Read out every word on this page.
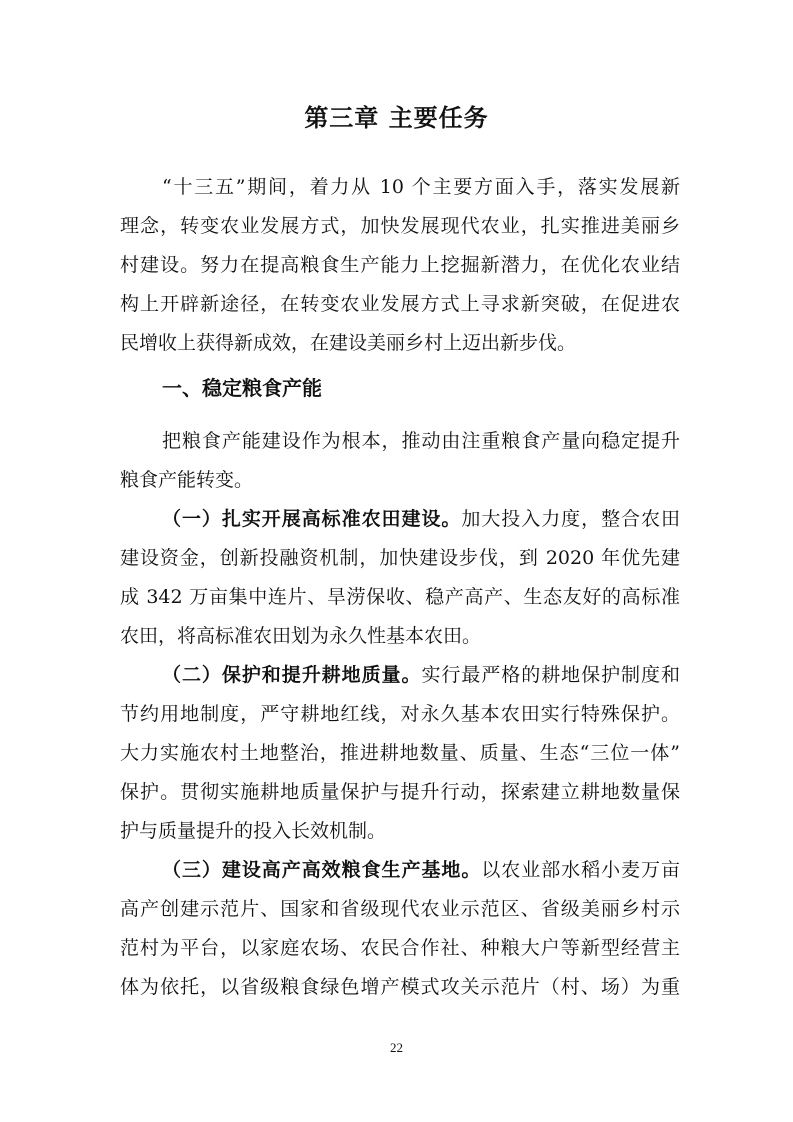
第三章 主要任务
“十三五”期间，着力从 10 个主要方面入手，落实发展新
理念，转变农业发展方式，加快发展现代农业，扎实推进美丽乡
村建设。努力在提高粮食生产能力上挖掘新潜力，在优化农业结
构上开辟新途径，在转变农业发展方式上寻求新突破，在促进农
民增收上获得新成效，在建设美丽乡村上迈出新步伐。
一、稳定粮食产能
把粮食产能建设作为根本，推动由注重粮食产量向稳定提升
粮食产能转变。
（一）扎实开展高标准农田建设。加大投入力度，整合农田
建设资金，创新投融资机制，加快建设步伐，到 2020 年优先建
成 342 万亩集中连片、旱涝保收、稳产高产、生态友好的高标准
农田，将高标准农田划为永久性基本农田。
（二）保护和提升耕地质量。实行最严格的耕地保护制度和
节约用地制度，严守耕地红线，对永久基本农田实行特殊保护。
大力实施农村土地整治，推进耕地数量、质量、生态“三位一体”
保护。贯彻实施耕地质量保护与提升行动，探索建立耕地数量保
护与质量提升的投入长效机制。
（三）建设高产高效粮食生产基地。以农业部水稻小麦万亩
高产创建示范片、国家和省级现代农业示范区、省级美丽乡村示
范村为平台，以家庭农场、农民合作社、种粮大户等新型经营主
体为依托，以省级粮食绿色增产模式攻关示范片（村、场）为重
22
